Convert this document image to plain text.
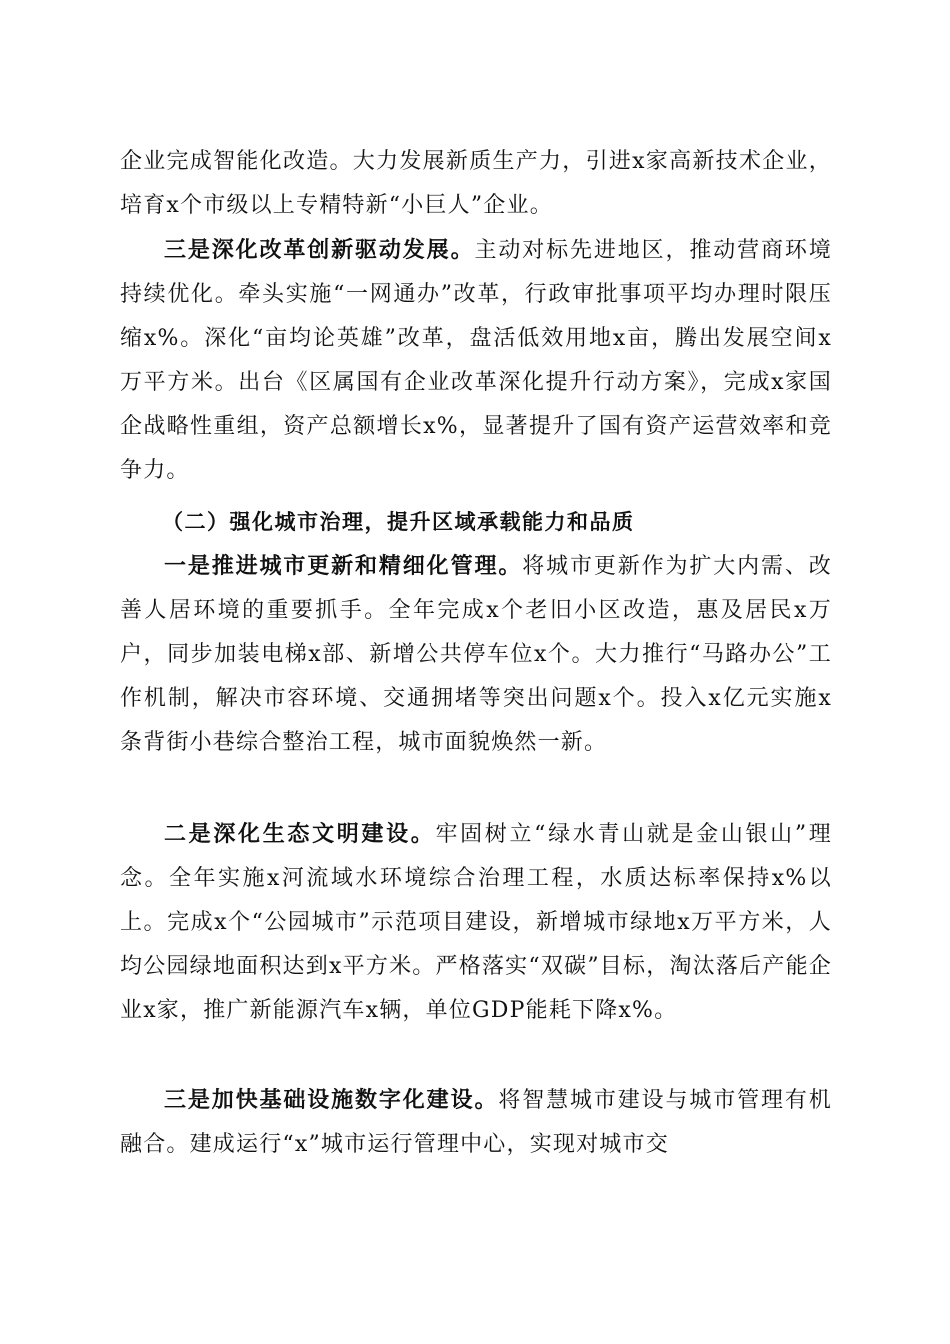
企业完成智能化改造。大力发展新质生产力，引进x家高新技术企业，培育x个市级以上专精特新“小巨人”企业。

三是深化改革创新驱动发展。主动对标先进地区，推动营商环境持续优化。牵头实施“一网通办”改革，行政审批事项平均办理时限压缩x%。深化“亩均论英雄”改革，盘活低效用地x亩，腾出发展空间x万平方米。出台《区属国有企业改革深化提升行动方案》，完成x家国企战略性重组，资产总额增长x%，显著提升了国有资产运营效率和竞争力。

（二）强化城市治理，提升区域承载能力和品质

一是推进城市更新和精细化管理。将城市更新作为扩大内需、改善人居环境的重要抓手。全年完成x个老旧小区改造，惠及居民x万户，同步加装电梯x部、新增公共停车位x个。大力推行“马路办公”工作机制，解决市容环境、交通拥堵等突出问题x个。投入x亿元实施x条背街小巷综合整治工程，城市面貌焕然一新。

二是深化生态文明建设。牢固树立“绿水青山就是金山银山”理念。全年实施x河流域水环境综合治理工程，水质达标率保持x%以上。完成x个“公园城市”示范项目建设，新增城市绿地x万平方米，人均公园绿地面积达到x平方米。严格落实“双碳”目标，淘汰落后产能企业x家，推广新能源汽车x辆，单位GDP能耗下降x%。

三是加快基础设施数字化建设。将智慧城市建设与城市管理有机融合。建成运行“x”城市运行管理中心，实现对城市交
